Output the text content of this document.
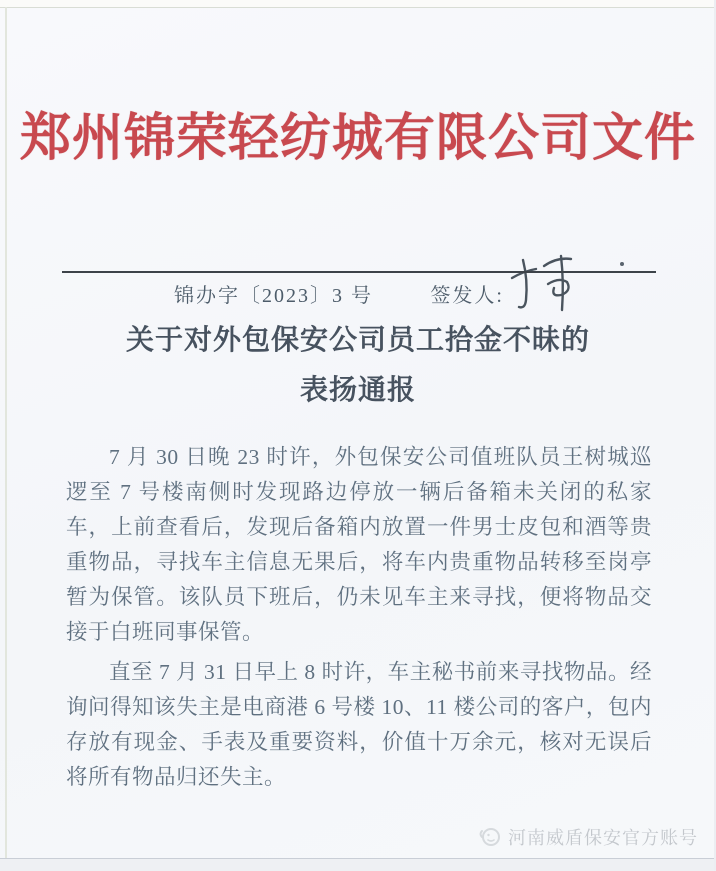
郑州锦荣轻纺城有限公司文件
锦办字〔2023〕3 号	签发人:
关于对外包保安公司员工拾金不昧的
表扬通报

7 月 30 日晚 23 时许，外包保安公司值班队员王树城巡逻至 7 号楼南侧时发现路边停放一辆后备箱未关闭的私家车，上前查看后，发现后备箱内放置一件男士皮包和酒等贵重物品，寻找车主信息无果后，将车内贵重物品转移至岗亭暂为保管。该队员下班后，仍未见车主来寻找，便将物品交接于白班同事保管。

直至 7 月 31 日早上 8 时许，车主秘书前来寻找物品。经询问得知该失主是电商港 6 号楼 10、11 楼公司的客户，包内存放有现金、手表及重要资料，价值十万余元，核对无误后将所有物品归还失主。

河南威盾保安官方账号
